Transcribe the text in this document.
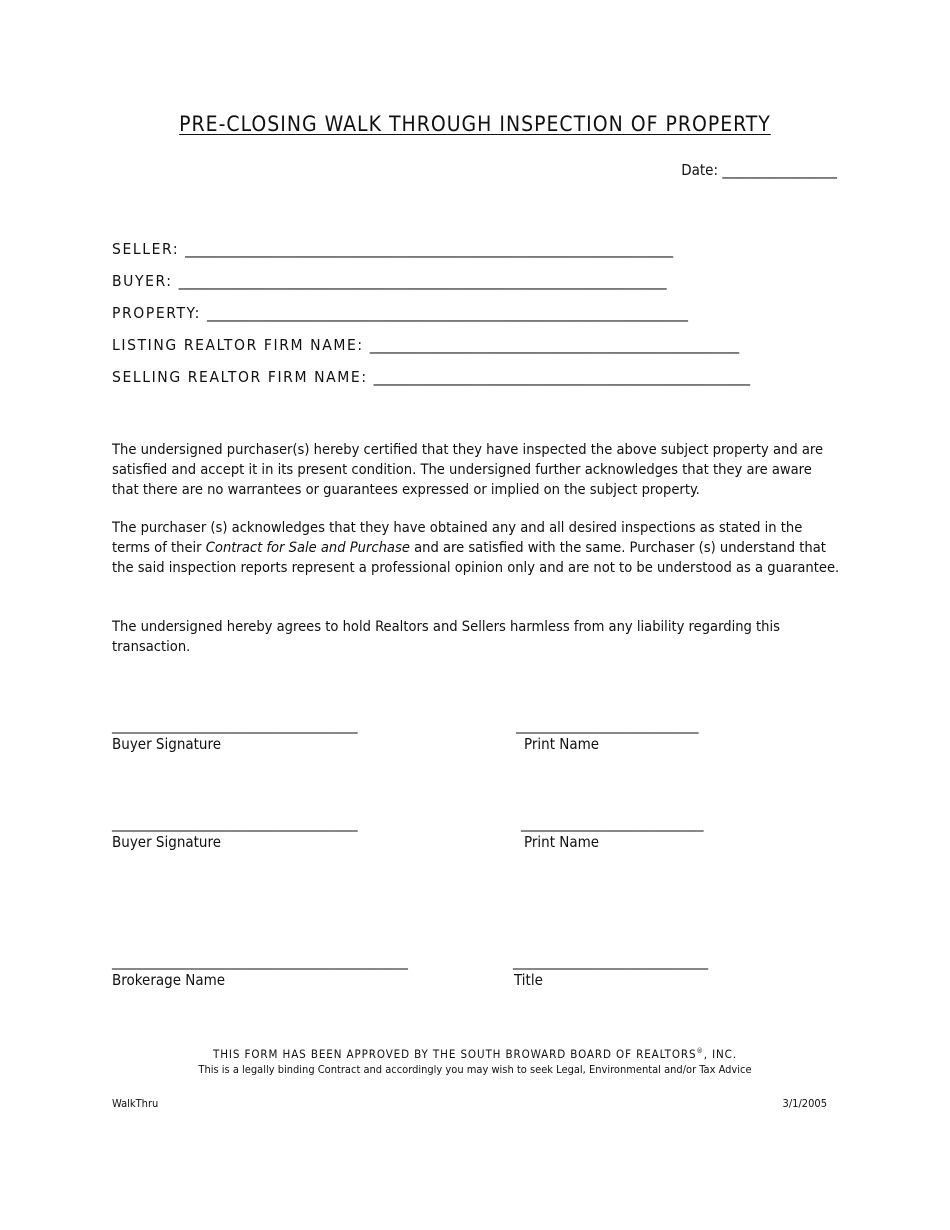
PRE-CLOSING WALK THROUGH INSPECTION OF PROPERTY
Date: _________________
SELLER: ______________________________________________________________________
BUYER: ______________________________________________________________________
PROPERTY: _____________________________________________________________________
LISTING REALTOR FIRM NAME: _____________________________________________________
SELLING REALTOR FIRM NAME: ______________________________________________________
The undersigned purchaser(s) hereby certified that they have inspected the above subject property and are satisfied and accept it in its present condition. The undersigned further acknowledges that they are aware that there are no warrantees or guarantees expressed or implied on the subject property.
The purchaser (s) acknowledges that they have obtained any and all desired inspections as stated in the terms of their Contract for Sale and Purchase and are satisfied with the same. Purchaser (s) understand that the said inspection reports represent a professional opinion only and are not to be understood as a guarantee.
The undersigned hereby agrees to hold Realtors and Sellers harmless from any liability regarding this transaction.
_______________________________________
Buyer Signature
_____________________________
Print Name
_______________________________________
Buyer Signature
_____________________________
Print Name
_______________________________________________
Brokerage Name
_______________________________
Title
THIS FORM HAS BEEN APPROVED BY THE SOUTH BROWARD BOARD OF REALTORS®, INC.
This is a legally binding Contract and accordingly you may wish to seek Legal, Environmental and/or Tax Advice
WalkThru	3/1/2005
